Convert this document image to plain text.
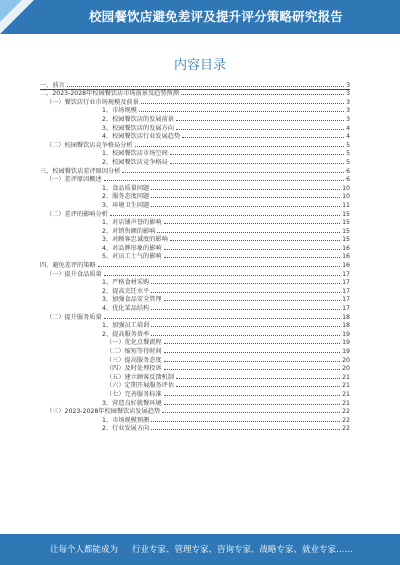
校园餐饮店避免差评及提升评分策略研究报告
内容目录
一、前言	3
二、2023-2028年校园餐饮店市场前景及趋势预测	3
（一）餐饮店行业市场规模及前景	3
1、市场规模	3
2、校园餐饮店的发展前景	3
3、校园餐饮店的发展方向	4
4、校园餐饮店行业发展趋势	4
（二）校园餐饮店竞争格局分析	5
1、校园餐饮店市场空间	5
2、校园餐饮店竞争格局	5
三、校园餐饮店差评原因分析	6
（一）差评原因概述	6
1、食品质量问题	10
2、服务态度问题	10
3、环境卫生问题	11
（二）差评的影响分析	15
1、对店铺声誉的影响	15
2、对销售额的影响	15
3、对顾客忠诚度的影响	15
4、对品牌形象的影响	16
5、对员工士气的影响	16
四、避免差评的策略	16
（一）提升食品质量	17
1、严格食材采购	17
2、提高烹饪水平	17
3、加强食品安全管理	17
4、优化菜品结构	17
（二）提升服务质量	18
1、加强员工培训	18
2、提高服务效率	19
（一）优化点餐流程	19
（二）缩短等待时间	19
（三）提高服务态度	20
（四）及时处理投诉	20
（五）建立顾客反馈机制	21
（六）定期开展服务评估	21
（七）完善服务标准	21
3、营造良好就餐环境	21
（三）2023-2028年校园餐饮店发展趋势	22
1、市场规模预测	22
2、行业发展方向	22
让每个人都能成为 行业专家、管理专家、咨询专家、战略专家、就业专家……
